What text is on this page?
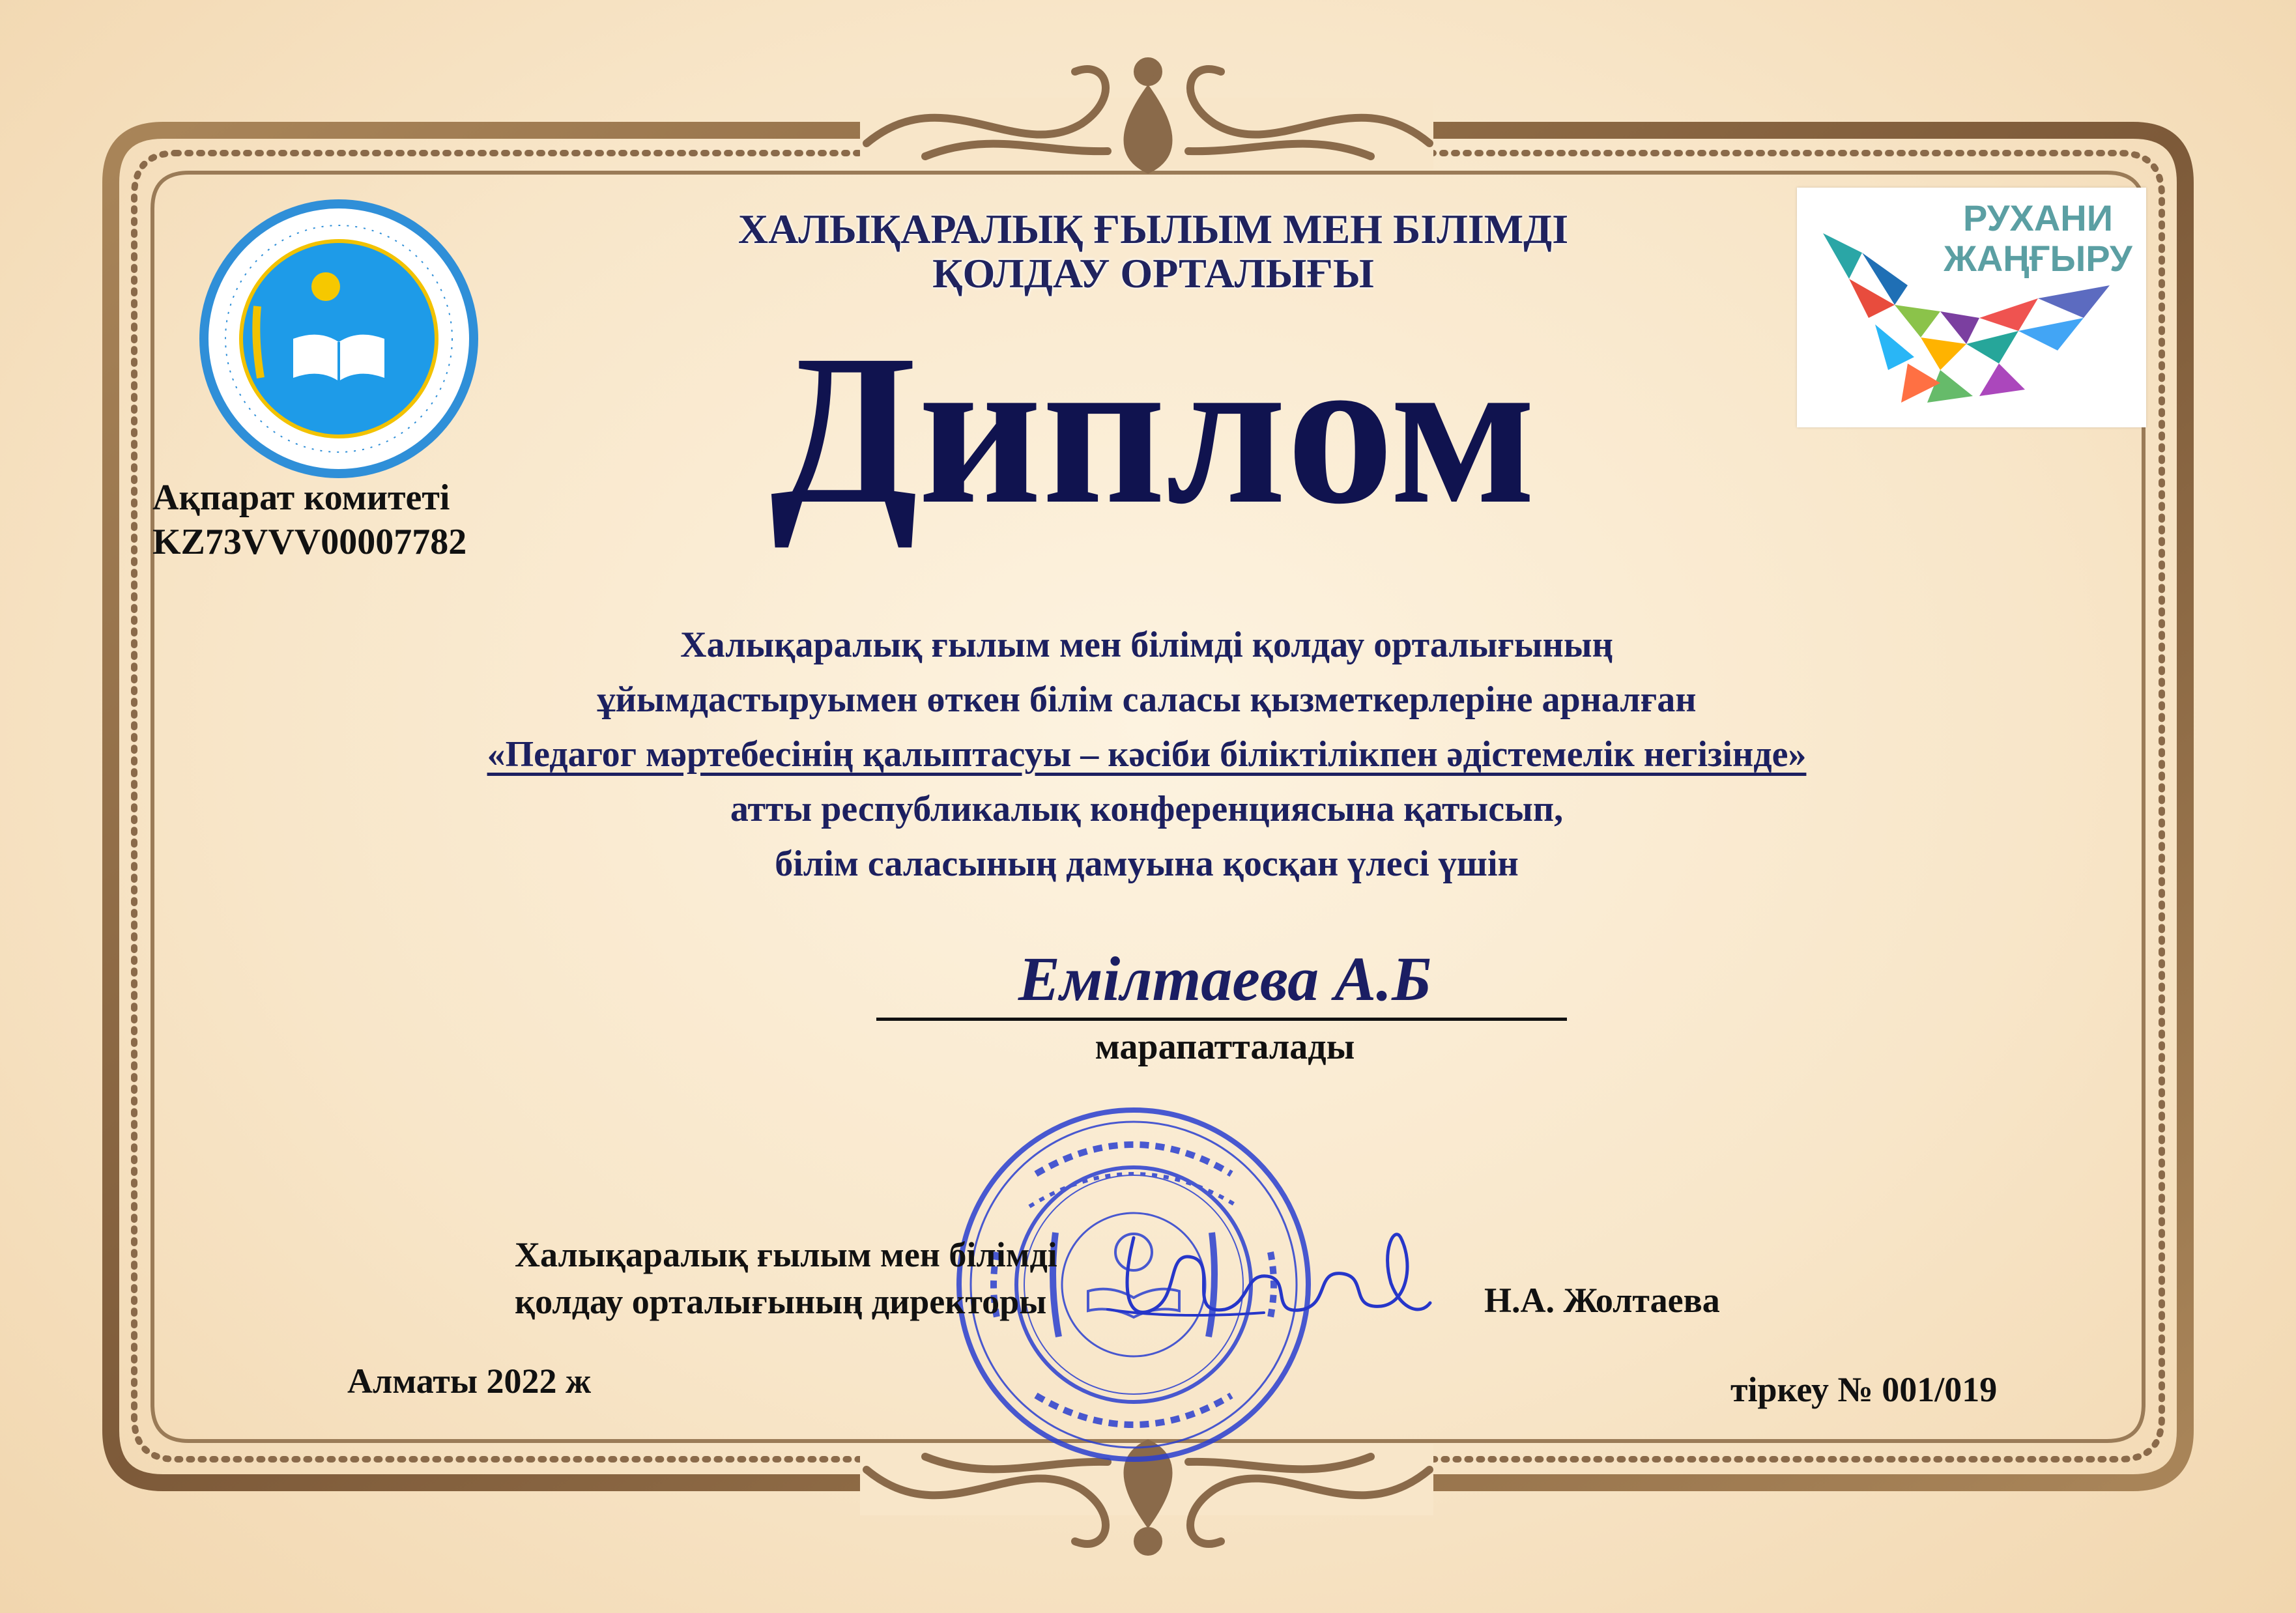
Ақпарат комитеті
KZ73VVV00007782
РУХАНИ
ЖАҢҒЫРУ
ХАЛЫҚАРАЛЫҚ ҒЫЛЫМ МЕН БІЛІМДІ
ҚОЛДАУ ОРТАЛЫҒЫ
Диплом
Халықаралық ғылым мен білімді қолдау орталығының
ұйымдастыруымен өткен білім саласы қызметкерлеріне арналған
«Педагог мәртебесінің қалыптасуы – кәсіби біліктілікпен әдістемелік негізінде»
атты республикалық конференциясына қатысып,
білім саласының дамуына қосқан үлесі үшін
Емілтаева А.Б
марапатталады
Халықаралық ғылым мен білімді
қолдау орталығының директоры	Н.А. Жолтаева
Алматы 2022 ж	тіркеу № 001/019
